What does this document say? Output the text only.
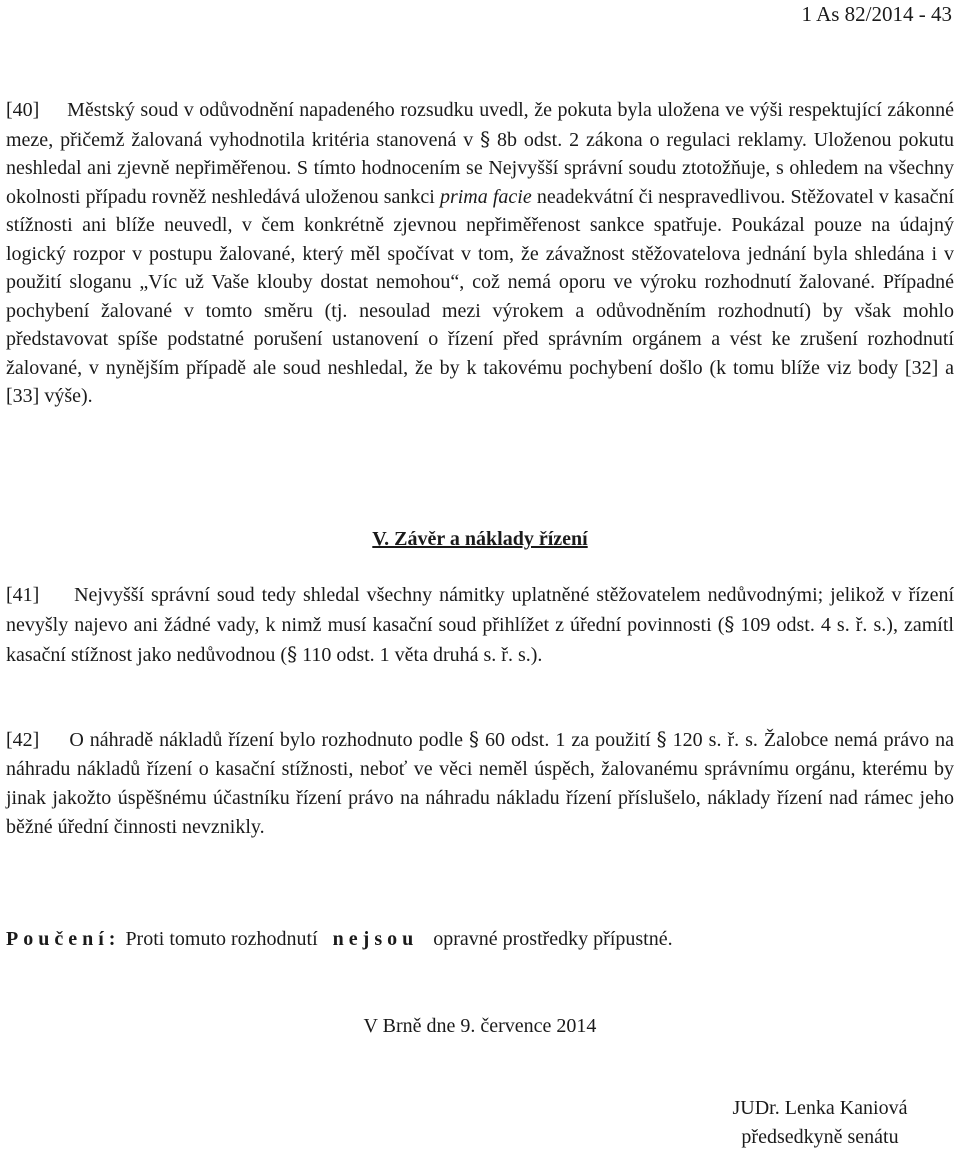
1 As 82/2014 - 43

[40] Městský soud v odůvodnění napadeného rozsudku uvedl, že pokuta byla uložena ve výši respektující zákonné meze, přičemž žalovaná vyhodnotila kritéria stanovená v § 8b odst. 2 zákona o regulaci reklamy. Uloženou pokutu neshledal ani zjevně nepřiměřenou. S tímto hodnocením se Nejvyšší správní soudu ztotožňuje, s ohledem na všechny okolnosti případu rovněž neshledává uloženou sankci prima facie neadekvátní či nespravedlivou. Stěžovatel v kasační stížnosti ani blíže neuvedl, v čem konkrétně zjevnou nepřiměřenost sankce spatřuje. Poukázal pouze na údajný logický rozpor v postupu žalované, který měl spočívat v tom, že závažnost stěžovatelova jednání byla shledána i v použití sloganu „Víc už Vaše klouby dostat nemohou“, což nemá oporu ve výroku rozhodnutí žalované. Případné pochybení žalované v tomto směru (tj. nesoulad mezi výrokem a odůvodněním rozhodnutí) by však mohlo představovat spíše podstatné porušení ustanovení o řízení před správním orgánem a vést ke zrušení rozhodnutí žalované, v nynějším případě ale soud neshledal, že by k takovému pochybení došlo (k tomu blíže viz body [32] a [33] výše).

V. Závěr a náklady řízení

[41] Nejvyšší správní soud tedy shledal všechny námitky uplatněné stěžovatelem nedůvodnými; jelikož v řízení nevyšly najevo ani žádné vady, k nimž musí kasační soud přihlížet z úřední povinnosti (§ 109 odst. 4 s. ř. s.), zamítl kasační stížnost jako nedůvodnou (§ 110 odst. 1 věta druhá s. ř. s.).

[42] O náhradě nákladů řízení bylo rozhodnuto podle § 60 odst. 1 za použití § 120 s. ř. s. Žalobce nemá právo na náhradu nákladů řízení o kasační stížnosti, neboť ve věci neměl úspěch, žalovanému správnímu orgánu, kterému by jinak jakožto úspěšnému účastníku řízení právo na náhradu nákladu řízení příslušelo, náklady řízení nad rámec jeho běžné úřední činnosti nevznikly.

Poučení: Proti tomuto rozhodnutí   nejsou   opravné prostředky přípustné.
V Brně dne 9. července 2014
JUDr. Lenka Kaniová
předsedkyně senátu
